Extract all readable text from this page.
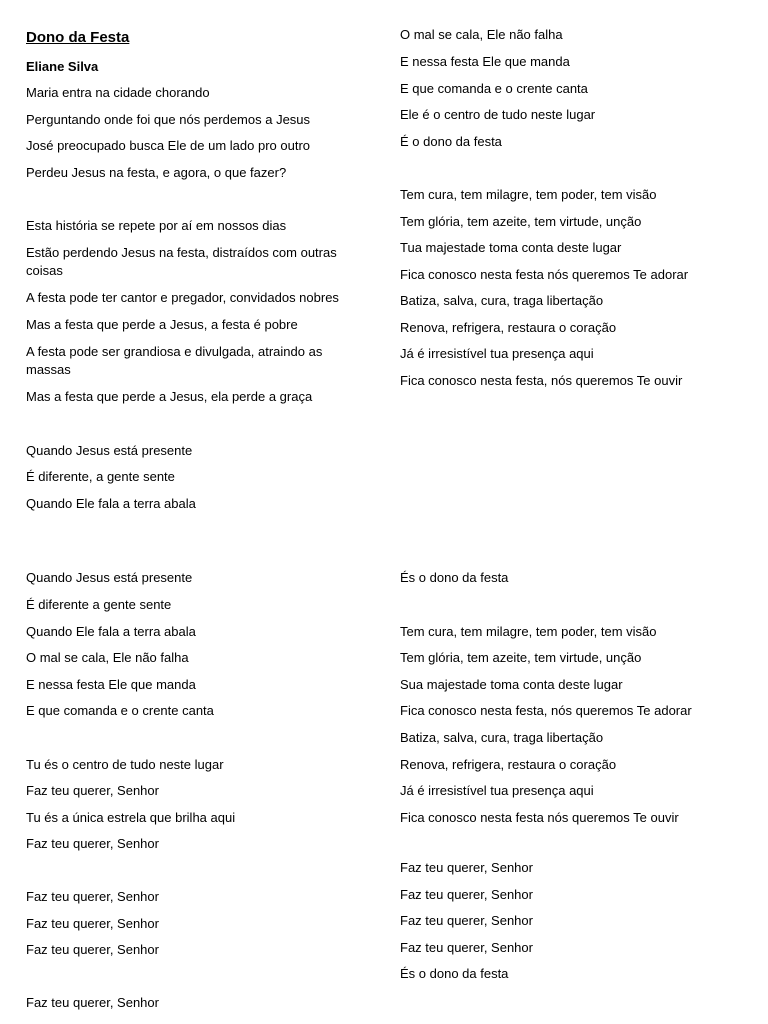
Dono da Festa
Eliane Silva
Maria entra na cidade chorando
Perguntando onde foi que nós perdemos a Jesus
José preocupado busca Ele de um lado pro outro
Perdeu Jesus na festa, e agora, o que fazer?
Esta história se repete por aí em nossos dias
Estão perdendo Jesus na festa, distraídos com outras coisas
A festa pode ter cantor e pregador, convidados nobres
Mas a festa que perde a Jesus, a festa é pobre
A festa pode ser grandiosa e divulgada, atraindo as massas
Mas a festa que perde a Jesus, ela perde a graça
Quando Jesus está presente
É diferente, a gente sente
Quando Ele fala a terra abala
O mal se cala, Ele não falha
E nessa festa Ele que manda
E que comanda e o crente canta
Ele é o centro de tudo neste lugar
É o dono da festa
Tem cura, tem milagre, tem poder, tem visão
Tem glória, tem azeite, tem virtude, unção
Tua majestade toma conta deste lugar
Fica conosco nesta festa nós queremos Te adorar
Batiza, salva, cura, traga libertação
Renova, refrigera, restaura o coração
Já é irresistível tua presença aqui
Fica conosco nesta festa, nós queremos Te ouvir
Quando Jesus está presente
É diferente a gente sente
Quando Ele fala a terra abala
O mal se cala, Ele não falha
E nessa festa Ele que manda
E que comanda e o crente canta
Tu és o centro de tudo neste lugar
Faz teu querer, Senhor
Tu és a única estrela que brilha aqui
Faz teu querer, Senhor
Faz teu querer, Senhor
Faz teu querer, Senhor
Faz teu querer, Senhor
Faz teu querer, Senhor
És o dono da festa
Tem cura, tem milagre, tem poder, tem visão
Tem glória, tem azeite, tem virtude, unção
Sua majestade toma conta deste lugar
Fica conosco nesta festa, nós queremos Te adorar
Batiza, salva, cura, traga libertação
Renova, refrigera, restaura o coração
Já é irresistível tua presença aqui
Fica conosco nesta festa nós queremos Te ouvir
Faz teu querer, Senhor
Faz teu querer, Senhor
Faz teu querer, Senhor
Faz teu querer, Senhor
És o dono da festa
